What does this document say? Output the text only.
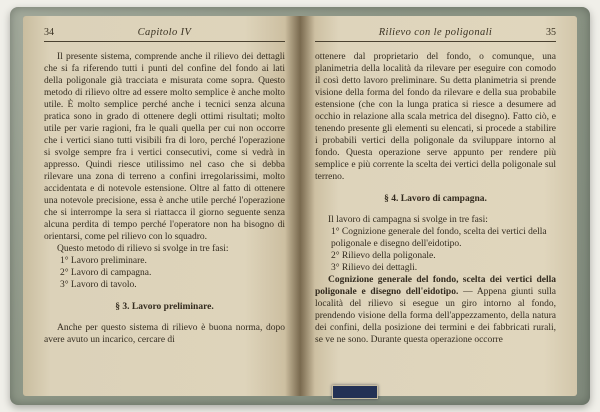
34	Capitolo IV

Il presente sistema, comprende anche il rilievo dei dettagli che si fa riferendo tutti i punti del confine del fondo ai lati della poligonale già tracciata e misurata come sopra. Questo metodo di rilievo oltre ad essere molto semplice è anche molto utile. È molto semplice perché anche i tecnici senza alcuna pratica sono in grado di ottenere degli ottimi risultati; molto utile per varie ragioni, fra le quali quella per cui non occorre che i vertici siano tutti visibili fra di loro, perché l'operazione si svolge sempre fra i vertici consecutivi, come si vedrà in appresso. Quindi riesce utilissimo nel caso che si debba rilevare una zona di terreno a confini irregolarissimi, molto accidentata e di notevole estensione. Oltre al fatto di ottenere una notevole precisione, essa è anche utile perché l'operazione che si interrompe la sera si riattacca il giorno seguente senza alcuna perdita di tempo perché l'operatore non ha bisogno di orientarsi, come pel rilievo con lo squadro.

Questo metodo di rilievo si svolge in tre fasi:

1° Lavoro preliminare.

2° Lavoro di campagna.

3° Lavoro di tavolo.

§ 3. Lavoro preliminare.

Anche per questo sistema di rilievo è buona norma, dopo avere avuto un incarico, cercare di

Rilievo con le poligonali	35

ottenere dal proprietario del fondo, o comunque, una planimetria della località da rilevare per eseguire con comodo il così detto lavoro preliminare. Su detta planimetria si prende visione della forma del fondo da rilevare e della sua probabile estensione (che con la lunga pratica si riesce a desumere ad occhio in relazione alla scala metrica del disegno). Fatto ciò, e tenendo presente gli elementi su elencati, si procede a stabilire i probabili vertici della poligonale da sviluppare intorno al fondo. Questa operazione serve appunto per rendere più semplice e più corrente la scelta dei vertici della poligonale sul terreno.

§ 4. Lavoro di campagna.

Il lavoro di campagna si svolge in tre fasi:

1° Cognizione generale del fondo, scelta dei vertici della poligonale e disegno dell'eidotipo.

2° Rilievo della poligonale.

3° Rilievo dei dettagli.

Cognizione generale del fondo, scelta dei vertici della poligonale e disegno dell'eidotipo. — Appena giunti sulla località del rilievo si esegue un giro intorno al fondo, prendendo visione della forma dell'appezzamento, della natura dei confini, della posizione dei termini e dei fabbricati rurali, se ve ne sono. Durante questa operazione occorre
